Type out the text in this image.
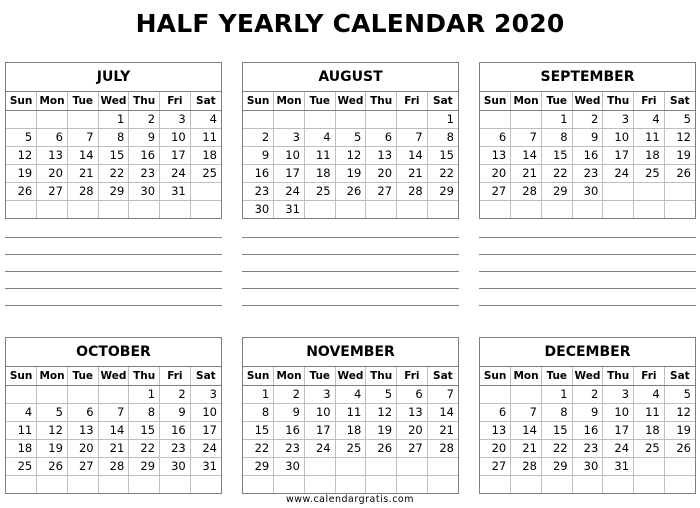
HALF YEARLY CALENDAR 2020
JULY
Sun	Mon	Tue	Wed	Thu	Fri	Sat
			1	2	3	4
5	6	7	8	9	10	11
12	13	14	15	16	17	18
19	20	21	22	23	24	25
26	27	28	29	30	31	

AUGUST
Sun	Mon	Tue	Wed	Thu	Fri	Sat
						1
2	3	4	5	6	7	8
9	10	11	12	13	14	15
16	17	18	19	20	21	22
23	24	25	26	27	28	29
30	31					
SEPTEMBER
Sun	Mon	Tue	Wed	Thu	Fri	Sat
		1	2	3	4	5
6	7	8	9	10	11	12
13	14	15	16	17	18	19
20	21	22	23	24	25	26
27	28	29	30			

OCTOBER
Sun	Mon	Tue	Wed	Thu	Fri	Sat
				1	2	3
4	5	6	7	8	9	10
11	12	13	14	15	16	17
18	19	20	21	22	23	24
25	26	27	28	29	30	31

NOVEMBER
Sun	Mon	Tue	Wed	Thu	Fri	Sat
1	2	3	4	5	6	7
8	9	10	11	12	13	14
15	16	17	18	19	20	21
22	23	24	25	26	27	28
29	30					

DECEMBER
Sun	Mon	Tue	Wed	Thu	Fri	Sat
		1	2	3	4	5
6	7	8	9	10	11	12
13	14	15	16	17	18	19
20	21	22	23	24	25	26
27	28	29	30	31		

www.calendargratis.com
